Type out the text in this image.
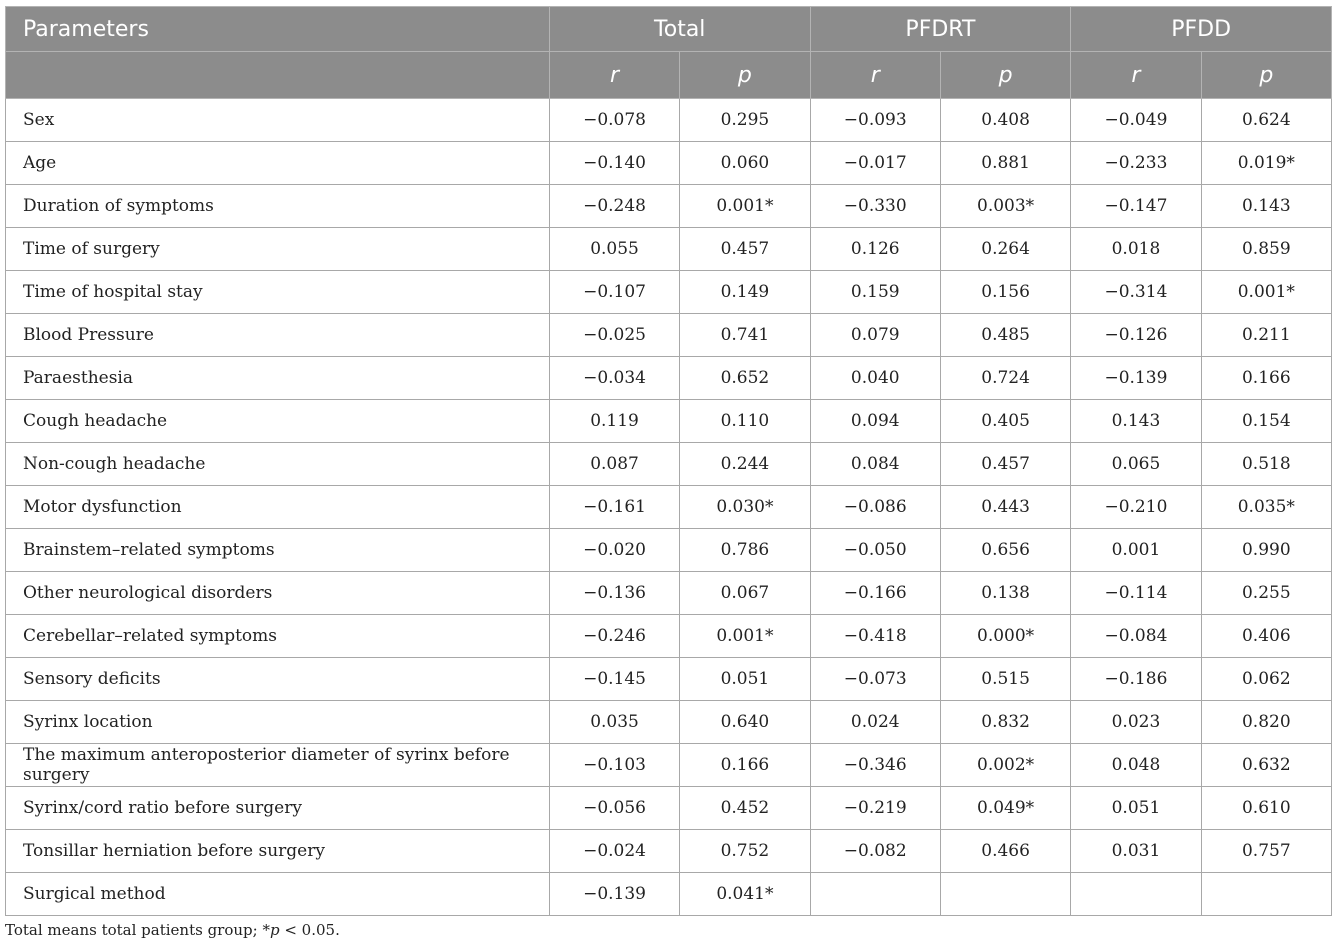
Parameters	Total		PFDRT		PFDD	
	r	p	r	p	r	p
Sex	−0.078	0.295	−0.093	0.408	−0.049	0.624
Age	−0.140	0.060	−0.017	0.881	−0.233	0.019*
Duration of symptoms	−0.248	0.001*	−0.330	0.003*	−0.147	0.143
Time of surgery	0.055	0.457	0.126	0.264	0.018	0.859
Time of hospital stay	−0.107	0.149	0.159	0.156	−0.314	0.001*
Blood Pressure	−0.025	0.741	0.079	0.485	−0.126	0.211
Paraesthesia	−0.034	0.652	0.040	0.724	−0.139	0.166
Cough headache	0.119	0.110	0.094	0.405	0.143	0.154
Non-cough headache	0.087	0.244	0.084	0.457	0.065	0.518
Motor dysfunction	−0.161	0.030*	−0.086	0.443	−0.210	0.035*
Brainstem–related symptoms	−0.020	0.786	−0.050	0.656	0.001	0.990
Other neurological disorders	−0.136	0.067	−0.166	0.138	−0.114	0.255
Cerebellar–related symptoms	−0.246	0.001*	−0.418	0.000*	−0.084	0.406
Sensory deficits	−0.145	0.051	−0.073	0.515	−0.186	0.062
Syrinx location	0.035	0.640	0.024	0.832	0.023	0.820
The maximum anteroposterior diameter of syrinx before surgery	−0.103	0.166	−0.346	0.002*	0.048	0.632
Syrinx/cord ratio before surgery	−0.056	0.452	−0.219	0.049*	0.051	0.610
Tonsillar herniation before surgery	−0.024	0.752	−0.082	0.466	0.031	0.757
Surgical method	−0.139	0.041*				
Total means total patients group; *p < 0.05.
